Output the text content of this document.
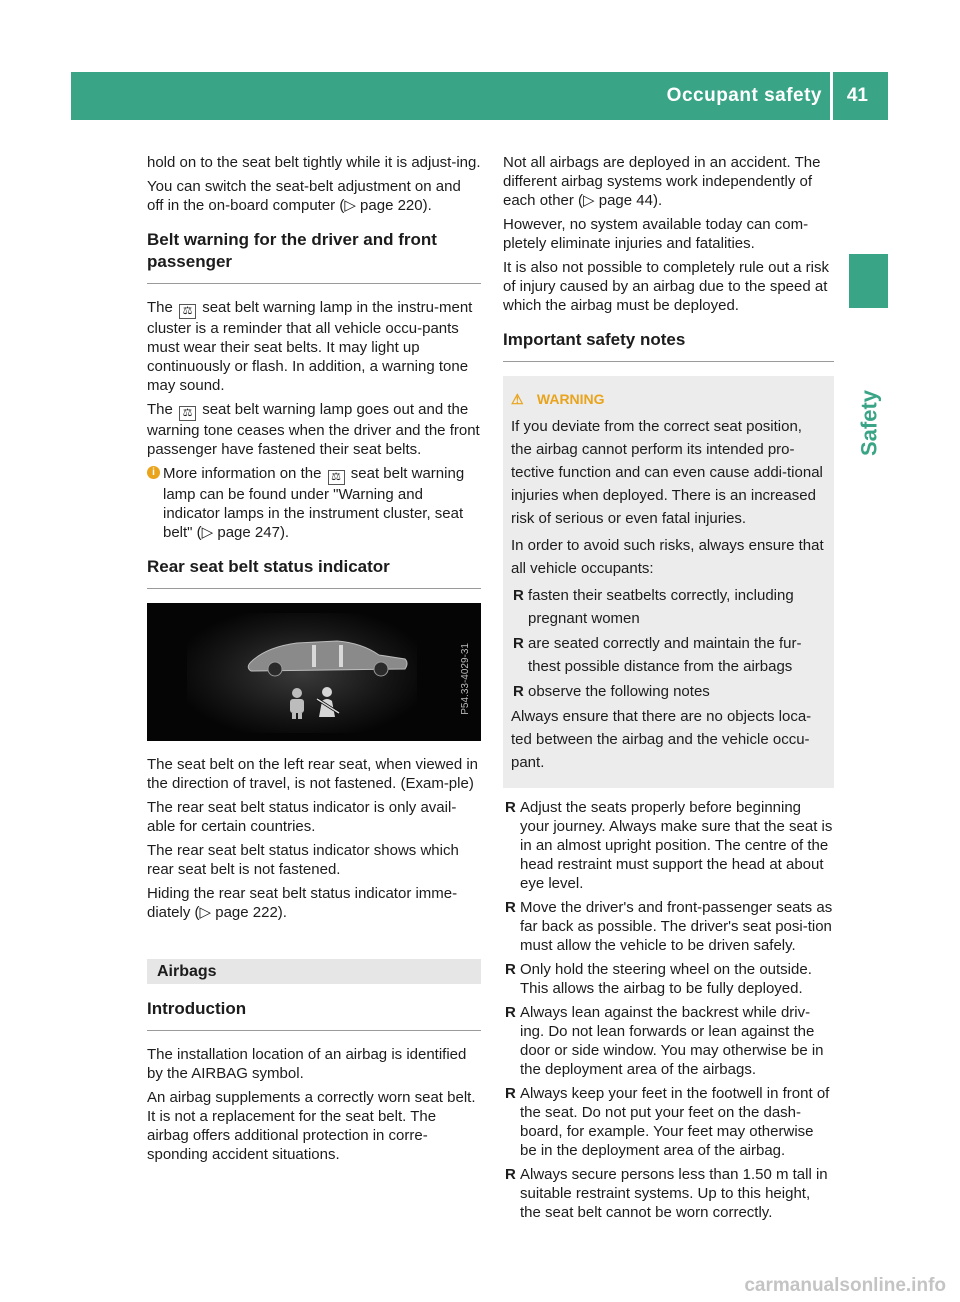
Occupant safety 41
Safety

hold on to the seat belt tightly while it is adjust-ing.

You can switch the seat-belt adjustment on and off in the on-board computer (▷ page 220).

Belt warning for the driver and front passenger

The ⚖ seat belt warning lamp in the instru-ment cluster is a reminder that all vehicle occu-pants must wear their seat belts. It may light up continuously or flash. In addition, a warning tone may sound.

The ⚖ seat belt warning lamp goes out and the warning tone ceases when the driver and the front passenger have fastened their seat belts.

i More information on the ⚖ seat belt warning lamp can be found under "Warning and indicator lamps in the instrument cluster, seat belt" (▷ page 247).
Rear seat belt status indicator
P54.33-4029-31

The seat belt on the left rear seat, when viewed in the direction of travel, is not fastened. (Exam-ple)

The rear seat belt status indicator is only avail-able for certain countries.

The rear seat belt status indicator shows which rear seat belt is not fastened.

Hiding the rear seat belt status indicator imme-diately (▷ page 222).

Airbags
Introduction

The installation location of an airbag is identified by the AIRBAG symbol.

An airbag supplements a correctly worn seat belt. It is not a replacement for the seat belt. The airbag offers additional protection in corre-sponding accident situations.

Not all airbags are deployed in an accident. The different airbag systems work independently of each other (▷ page 44).

However, no system available today can com-pletely eliminate injuries and fatalities.

It is also not possible to completely rule out a risk of injury caused by an airbag due to the speed at which the airbag must be deployed.

Important safety notes
⚠ WARNING

If you deviate from the correct seat position, the airbag cannot perform its intended pro-tective function and can even cause addi-tional injuries when deployed. There is an increased risk of serious or even fatal injuries.

In order to avoid such risks, always ensure that all vehicle occupants:

R fasten their seatbelts correctly, including pregnant women
R are seated correctly and maintain the fur-thest possible distance from the airbags
R observe the following notes

Always ensure that there are no objects loca-ted between the airbag and the vehicle occu-pant.

R Adjust the seats properly before beginning your journey. Always make sure that the seat is in an almost upright position. The centre of the head restraint must support the head at about eye level.
R Move the driver's and front-passenger seats as far back as possible. The driver's seat posi-tion must allow the vehicle to be driven safely.
R Only hold the steering wheel on the outside. This allows the airbag to be fully deployed.
R Always lean against the backrest while driv-ing. Do not lean forwards or lean against the door or side window. You may otherwise be in the deployment area of the airbags.
R Always keep your feet in the footwell in front of the seat. Do not put your feet on the dash-board, for example. Your feet may otherwise be in the deployment area of the airbag.
R Always secure persons less than 1.50 m tall in suitable restraint systems. Up to this height, the seat belt cannot be worn correctly.
carmanualsonline.info
